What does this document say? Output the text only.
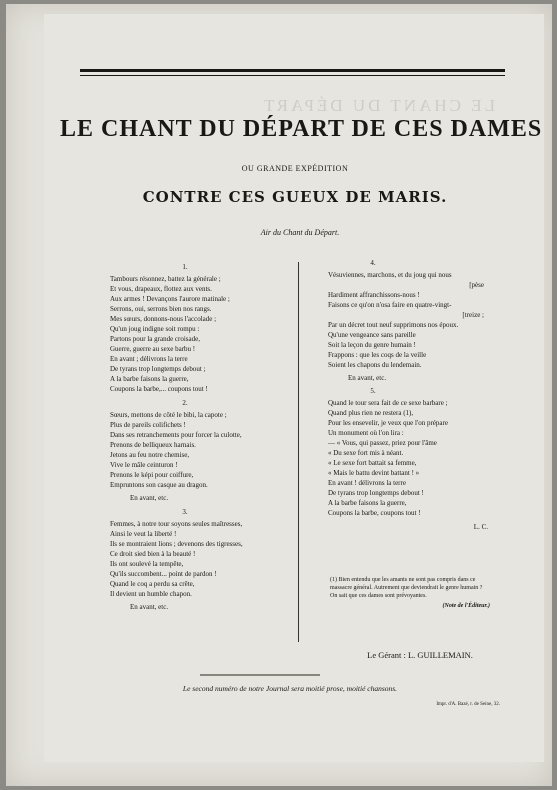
LE CHANT DU DÉPART
LE CHANT DU DÉPART DE CES DAMES
OU GRANDE EXPÉDITION
CONTRE CES GUEUX DE MARIS.
Air du Chant du Départ.

1.

Tambours résonnez, battez la générale ;

Et vous, drapeaux, flottez aux vents.

Aux armes ! Devançons l'aurore matinale ;

Serrons, oui, serrons bien nos rangs.

Mes sœurs, donnons-nous l'accolade ;

Qu'un joug indigne soit rompu :

Partons pour la grande croisade,

Guerre, guerre au sexe barbu !

En avant ; délivrons la terre

De tyrans trop longtemps debout ;

A la barbe faisons la guerre,

Coupons la barbe,... coupons tout !

2.

Sœurs, mettons de côté le bibi, la capote ;

Plus de pareils colifichets !

Dans ses retranchements pour forcer la culotte,

Prenons de belliqueux harnais.

Jetons au feu notre chemise,

Vive le mâle ceinturon !

Prenons le képi pour coiffure,

Empruntons son casque au dragon.

En avant, etc.

3.

Femmes, à notre tour soyons seules maîtresses,

Ainsi le veut la liberté !

Ils se montraient lions ; devenons des tigresses,

Ce droit sied bien à la beauté !

Ils ont soulevé la tempête,

Qu'ils succombent... point de pardon !

Quand le coq a perdu sa crête,

Il devient un humble chapon.

En avant, etc.

4.

Vésuviennes, marchons, et du joug qui nous

[pèse

Hardiment affranchissons-nous !

Faisons ce qu'on n'osa faire en quatre-vingt-

[treize ;

Par un décret tout neuf supprimons nos époux.

Qu'une vengeance sans pareille

Soit la leçon du genre humain !

Frappons : que les coqs de la veille

Soient les chapons du lendemain.

En avant, etc.

5.

Quand le tour sera fait de ce sexe barbare ;

Quand plus rien ne restera (1),

Pour les ensevelir, je veux que l'on prépare

Un monument où l'on lira :

— « Vous, qui passez, priez pour l'âme

« Du sexe fort mis à néant.

« Le sexe fort battait sa femme,

« Mais le battu devint battant ! »

En avant ! délivrons la terre

De tyrans trop longtemps debout !

A la barbe faisons la guerre,

Coupons la barbe, coupons tout !

L. C.

(1) Bien entendu que les amants ne sont pas compris dans ce massacre général. Autrement que deviendrait le genre humain ? On sait que ces dames sont prévoyantes.

(Note de l'Éditeur.)

Le Gérant : L. GUILLEMAIN.
Le second numéro de notre Journal sera moitié prose, moitié chansons.
Impr. d'A. Bazé, r. de Seine, 32.
